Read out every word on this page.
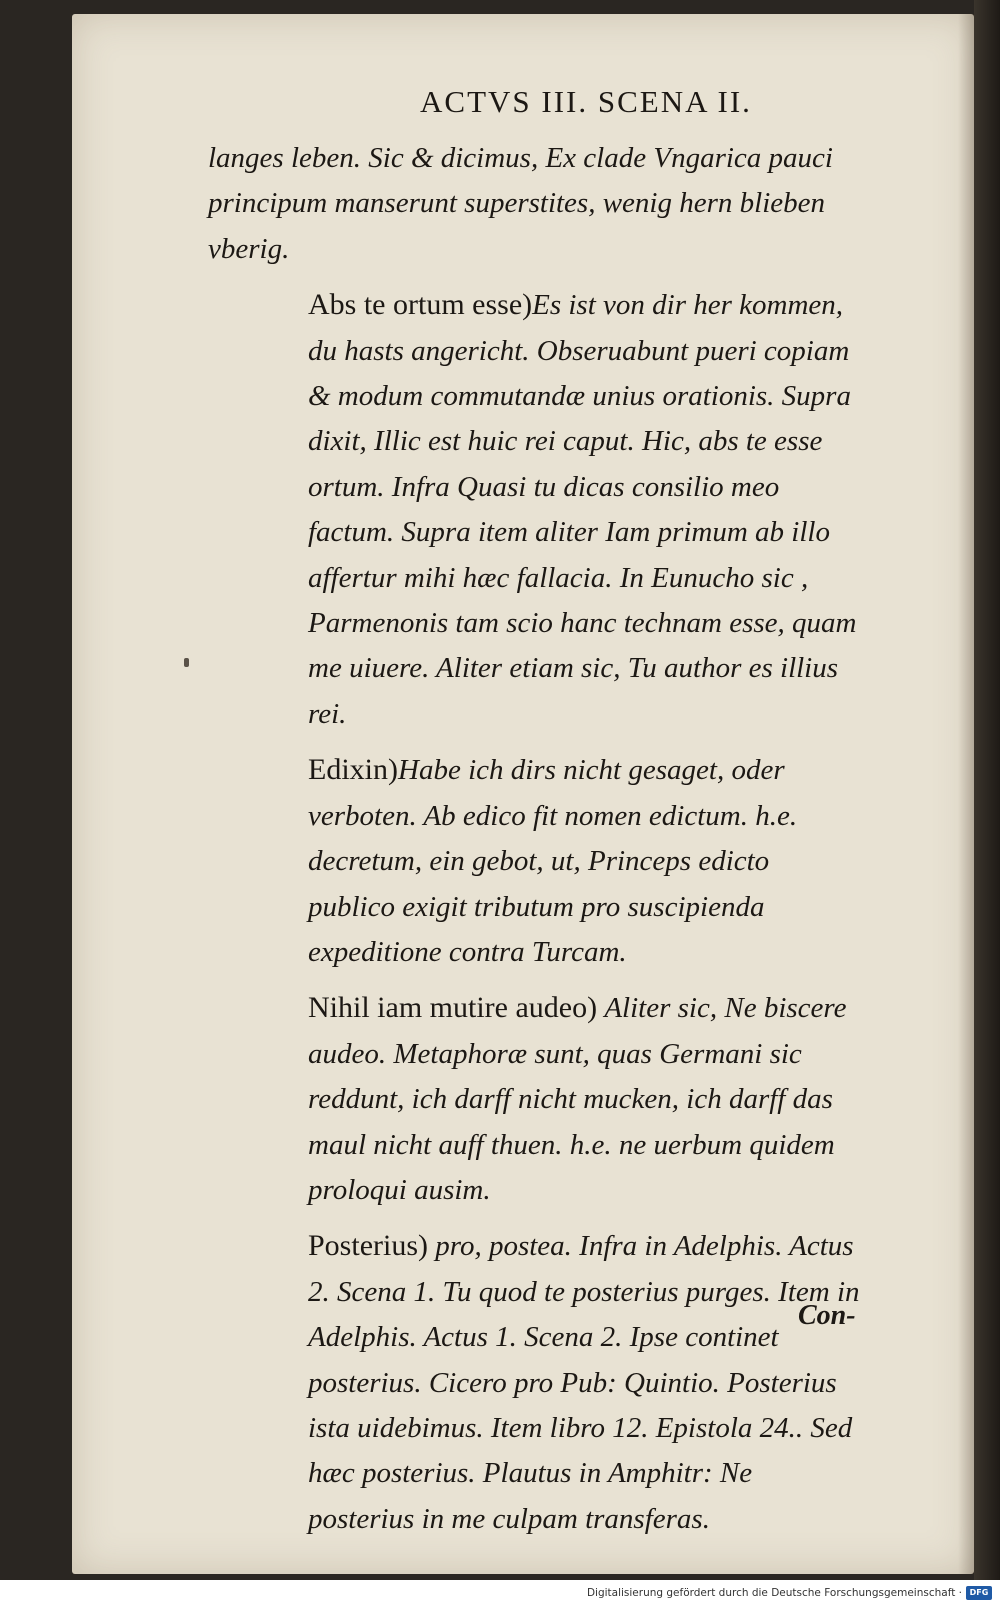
ACTVS III. SCENA II.

langes leben. Sic & dicimus, Ex clade Vngarica pauci principum manserunt superstites, wenig hern blieben vberig.

Abs te ortum esse)Es ist von dir her kommen, du hasts angericht. Obseruabunt pueri copiam & modum commutandæ unius orationis. Supra dixit, Illic est huic rei caput. Hic, abs te esse ortum. Infra Quasi tu dicas consilio meo factum. Supra item aliter Iam primum ab illo affertur mihi hæc fallacia. In Eunucho sic , Parmenonis tam scio hanc technam esse, quam me uiuere. Aliter etiam sic, Tu author es illius rei.

Edixin)Habe ich dirs nicht gesaget, oder verboten. Ab edico fit nomen edictum. h.e. decretum, ein gebot, ut, Princeps edicto publico exigit tributum pro suscipienda expeditione contra Turcam.

Nihil iam mutire audeo) Aliter sic, Ne biscere audeo. Metaphoræ sunt, quas Germani sic reddunt, ich darff nicht mucken, ich darff das maul nicht auff thuen. h.e. ne uerbum quidem proloqui ausim.

Posterius) pro, postea. Infra in Adelphis. Actus 2. Scena 1. Tu quod te posterius purges. Item in Adelphis. Actus 1. Scena 2. Ipse continet posterius. Cicero pro Pub: Quintio. Posterius ista uidebimus. Item libro 12. Epistola 24.. Sed hæc posterius. Plautus in Amphitr: Ne posterius in me culpam transferas.

Con-
Digitalisierung gefördert durch die Deutsche Forschungsgemeinschaft · DFG
